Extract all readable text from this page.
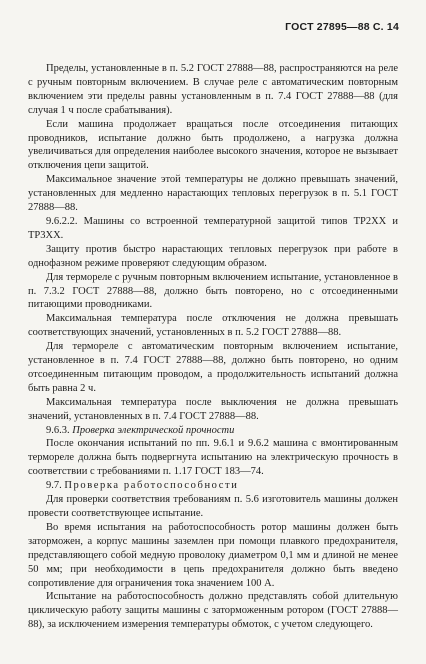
ГОСТ 27895—88 С. 14

Пределы, установленные в п. 5.2 ГОСТ 27888—88, распространяются на реле с ручным повторным включением. В случае реле с автоматическим повторным включением эти пределы равны установленным в п. 7.4 ГОСТ 27888—88 (для случая 1 ч после срабатывания).

Если машина продолжает вращаться после отсоединения питающих проводников, испытание должно быть продолжено, а нагрузка должна увеличиваться для определения наиболее высокого значения, которое не вызывает отключения цепи защитой.

Максимальное значение этой температуры не должно превышать значений, установленных для медленно нарастающих тепловых перегрузок в п. 5.1 ГОСТ 27888—88.

9.6.2.2. Машины со встроенной температурной защитой типов ТР2ХХ и ТР3ХХ.

Защиту против быстро нарастающих тепловых перегрузок при работе в однофазном режиме проверяют следующим образом.

Для терморелe с ручным повторным включением испытание, установленное в п. 7.3.2 ГОСТ 27888—88, должно быть повторено, но с отсоединенными питающими проводниками.

Максимальная температура после отключения не должна превышать соответствующих значений, установленных в п. 5.2 ГОСТ 27888—88.

Для терморелe с автоматическим повторным включением испытание, установленное в п. 7.4 ГОСТ 27888—88, должно быть повторено, но одним отсоединенным питающим проводом, а продолжительность испытаний должна быть равна 2 ч.

Максимальная температура после выключения не должна превышать значений, установленных в п. 7.4 ГОСТ 27888—88.

9.6.3. Проверка электрической прочности

После окончания испытаний по пп. 9.6.1 и 9.6.2 машина с вмонтированным терморелe должна быть подвергнута испытанию на электрическую прочность в соответствии с требованиями п. 1.17 ГОСТ 183—74.

9.7. Проверка работоспособности

Для проверки соответствия требованиям п. 5.6 изготовитель машины должен провести соответствующее испытание.

Во время испытания на работоспособность ротор машины должен быть заторможен, а корпус машины заземлен при помощи плавкого предохранителя, представляющего собой медную проволоку диаметром 0,1 мм и длиной не менее 50 мм; при необходимости в цепь предохранителя должно быть введено сопротивление для ограничения тока значением 100 А.

Испытание на работоспособность должно представлять собой длительную циклическую работу защиты машины с заторможенным ротором (ГОСТ 27888—88), за исключением измерения температуры обмоток, с учетом следующего.
